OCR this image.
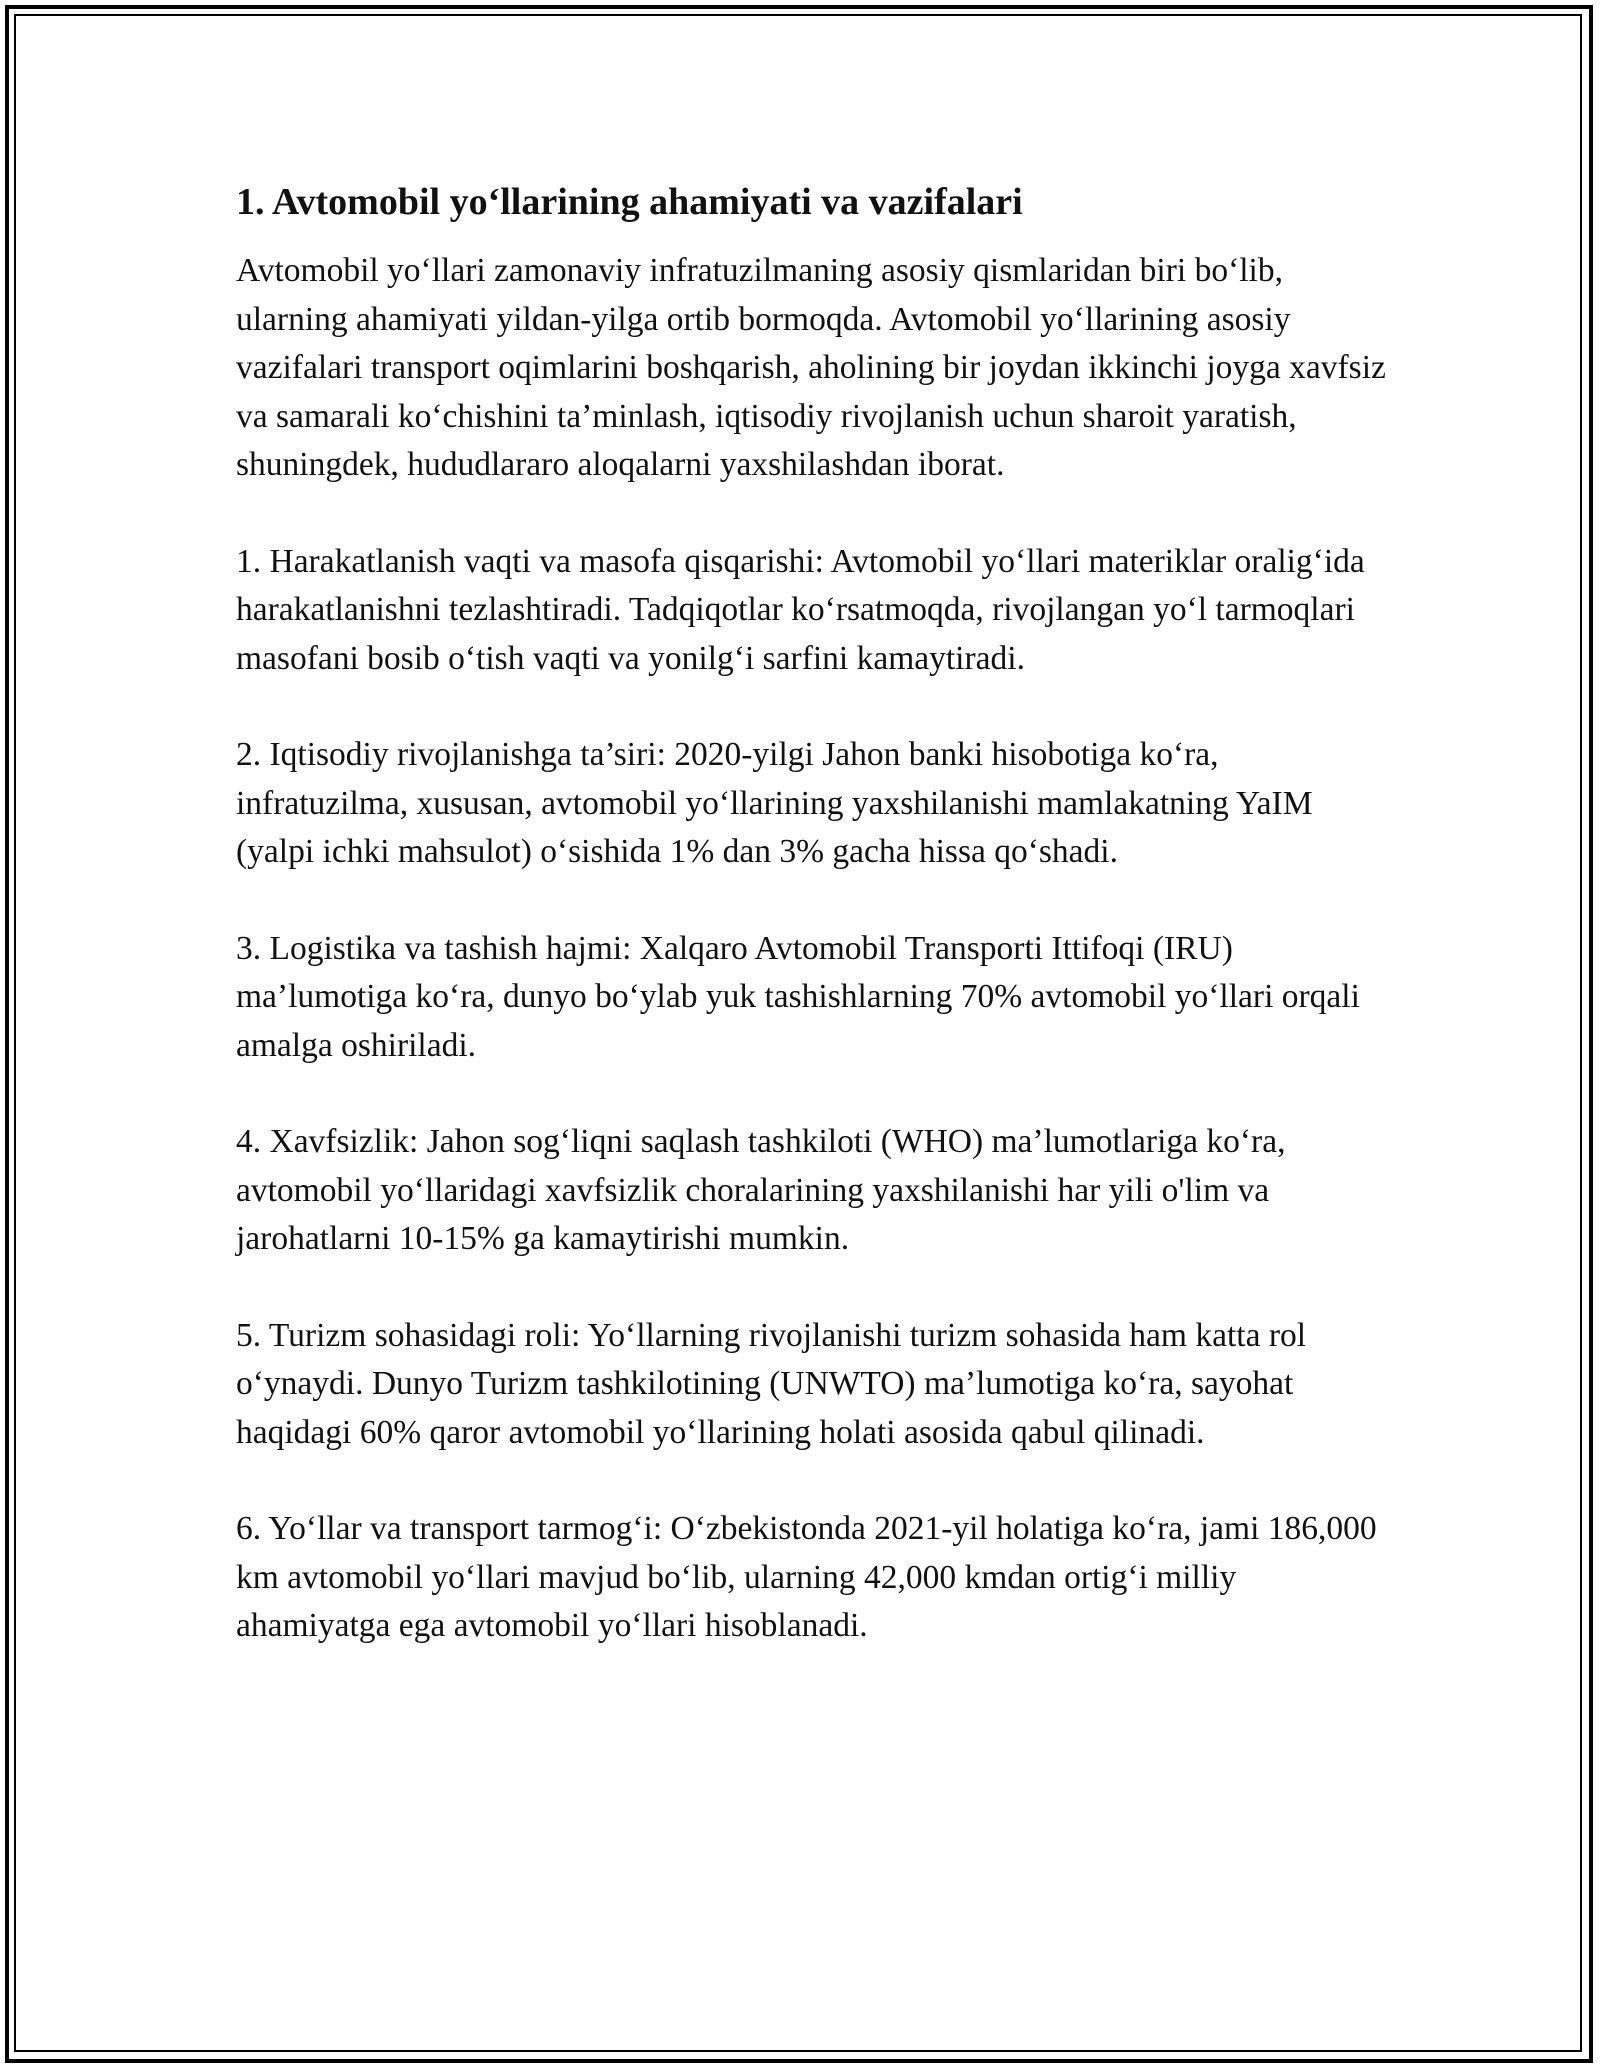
1. Avtomobil yo‘llarining ahamiyati va vazifalari

Avtomobil yo‘llari zamonaviy infratuzilmaning asosiy qismlaridan biri bo‘lib, ularning ahamiyati yildan-yilga ortib bormoqda. Avtomobil yo‘llarining asosiy vazifalari transport oqimlarini boshqarish, aholining bir joydan ikkinchi joyga xavfsiz va samarali ko‘chishini ta’minlash, iqtisodiy rivojlanish uchun sharoit yaratish, shuningdek, hududlararo aloqalarni yaxshilashdan iborat.

1. Harakatlanish vaqti va masofa qisqarishi: Avtomobil yo‘llari materiklar oralig‘ida harakatlanishni tezlashtiradi. Tadqiqotlar ko‘rsatmoqda, rivojlangan yo‘l tarmoqlari masofani bosib o‘tish vaqti va yonilg‘i sarfini kamaytiradi.

2. Iqtisodiy rivojlanishga ta’siri: 2020-yilgi Jahon banki hisobotiga ko‘ra, infratuzilma, xususan, avtomobil yo‘llarining yaxshilanishi mamlakatning YaIM (yalpi ichki mahsulot) o‘sishida 1% dan 3% gacha hissa qo‘shadi.

3. Logistika va tashish hajmi: Xalqaro Avtomobil Transporti Ittifoqi (IRU) ma’lumotiga ko‘ra, dunyo bo‘ylab yuk tashishlarning 70% avtomobil yo‘llari orqali amalga oshiriladi.

4. Xavfsizlik: Jahon sog‘liqni saqlash tashkiloti (WHO) ma’lumotlariga ko‘ra, avtomobil yo‘llaridagi xavfsizlik choralarining yaxshilanishi har yili o'lim va jarohatlarni 10-15% ga kamaytirishi mumkin.

5. Turizm sohasidagi roli: Yo‘llarning rivojlanishi turizm sohasida ham katta rol o‘ynaydi. Dunyo Turizm tashkilotining (UNWTO) ma’lumotiga ko‘ra, sayohat haqidagi 60% qaror avtomobil yo‘llarining holati asosida qabul qilinadi.

6. Yo‘llar va transport tarmog‘i: O‘zbekistonda 2021-yil holatiga ko‘ra, jami 186,000 km avtomobil yo‘llari mavjud bo‘lib, ularning 42,000 kmdan ortig‘i milliy ahamiyatga ega avtomobil yo‘llari hisoblanadi.
